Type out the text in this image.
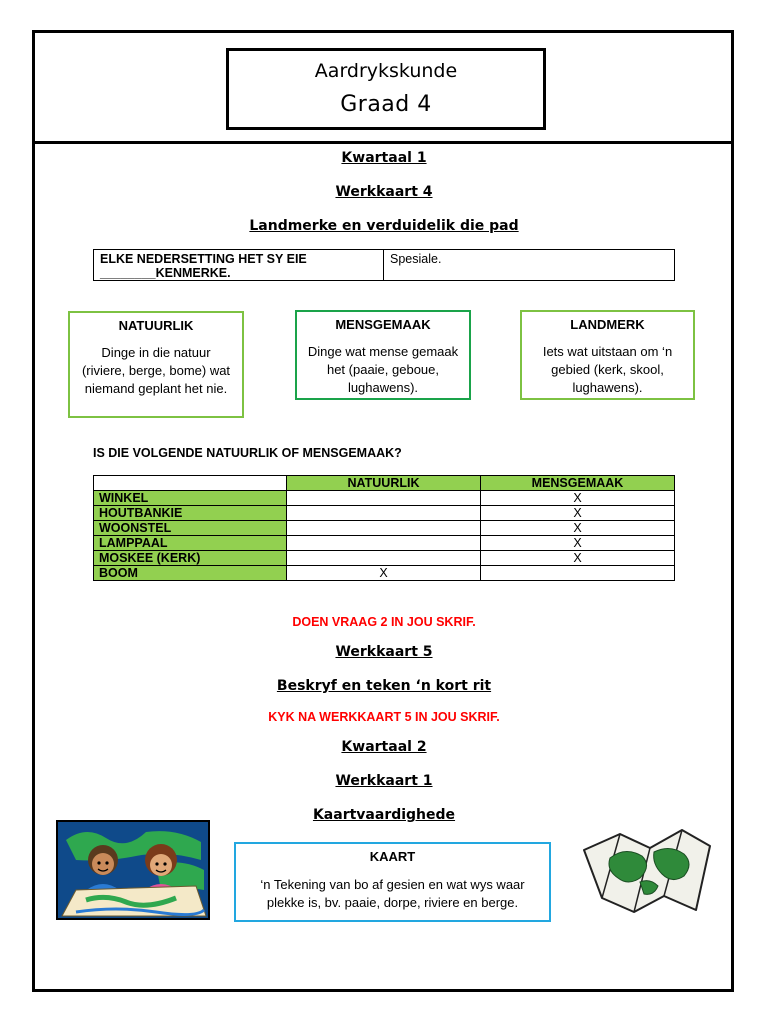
Aardrykskunde
Graad 4
Kwartaal 1
Werkkaart 4
Landmerke en verduidelik die pad
ELKE NEDERSETTING HET SY EIE ________KENMERKE.
Spesiale.
NATUURLIK
Dinge in die natuur (riviere, berge, bome) wat niemand geplant het nie.
MENSGEMAAK
Dinge wat mense gemaak het (paaie, geboue, lughawens).
LANDMERK
Iets wat uitstaan om ‘n gebied (kerk, skool, lughawens).
IS DIE VOLGENDE NATUURLIK OF MENSGEMAAK?
	NATUURLIK	MENSGEMAAK
WINKEL		X
HOUTBANKIE		X
WOONSTEL		X
LAMPPAAL		X
MOSKEE (KERK)		X
BOOM	X	
DOEN VRAAG 2 IN JOU SKRIF.
Werkkaart 5
Beskryf en teken ‘n kort rit
KYK NA WERKKAART 5 IN JOU SKRIF.
Kwartaal 2
Werkkaart 1
Kaartvaardighede
KAART
‘n Tekening van bo af gesien en wat wys waar plekke is, bv. paaie, dorpe, riviere en berge.
